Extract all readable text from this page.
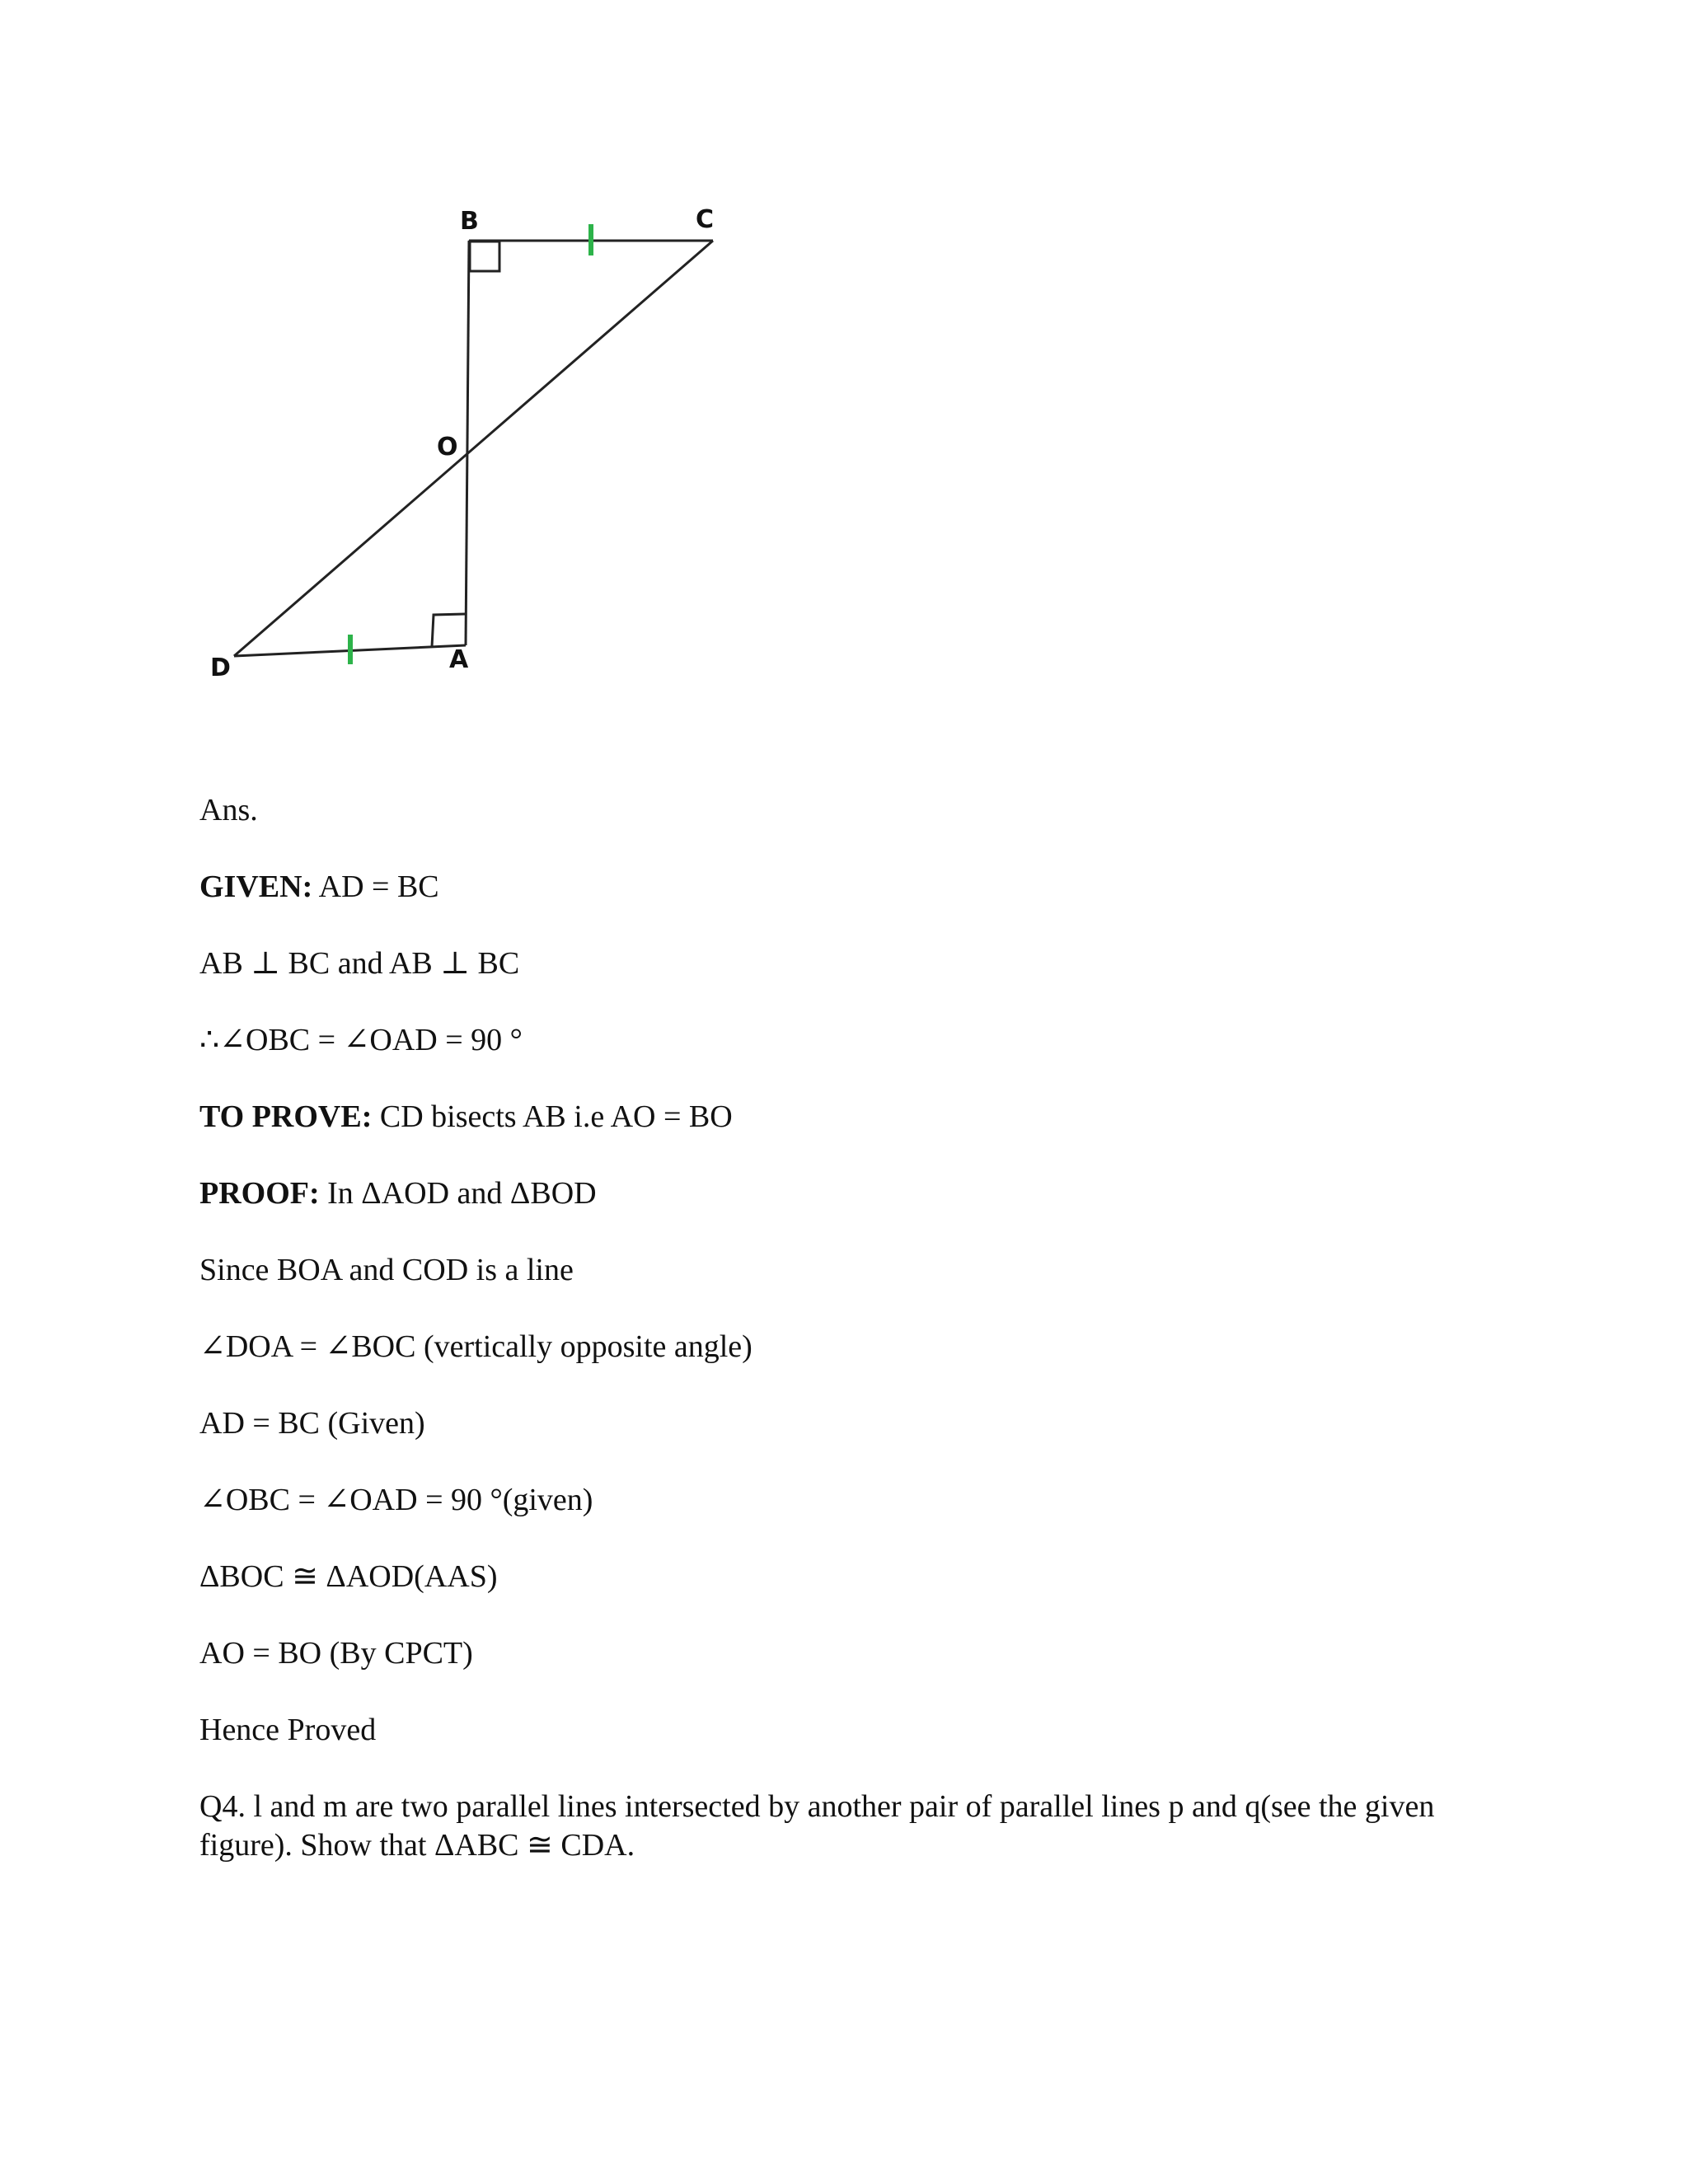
B	C
O
A
D
Ans.
GIVEN: AD = BC
AB ⊥ BC and AB ⊥ BC
∴∠OBC = ∠OAD = 90 °
TO PROVE: CD bisects AB i.e AO = BO
PROOF: In ΔAOD and ΔBOD
Since BOA and COD is a line
∠DOA = ∠BOC (vertically opposite angle)
AD = BC (Given)
∠OBC = ∠OAD = 90 °(given)
ΔBOC ≅ ΔAOD(AAS)
AO = BO (By CPCT)
Hence Proved
Q4. l and m are two parallel lines intersected by another pair of parallel lines p and q(see the given figure). Show that ΔABC ≅ CDA.
